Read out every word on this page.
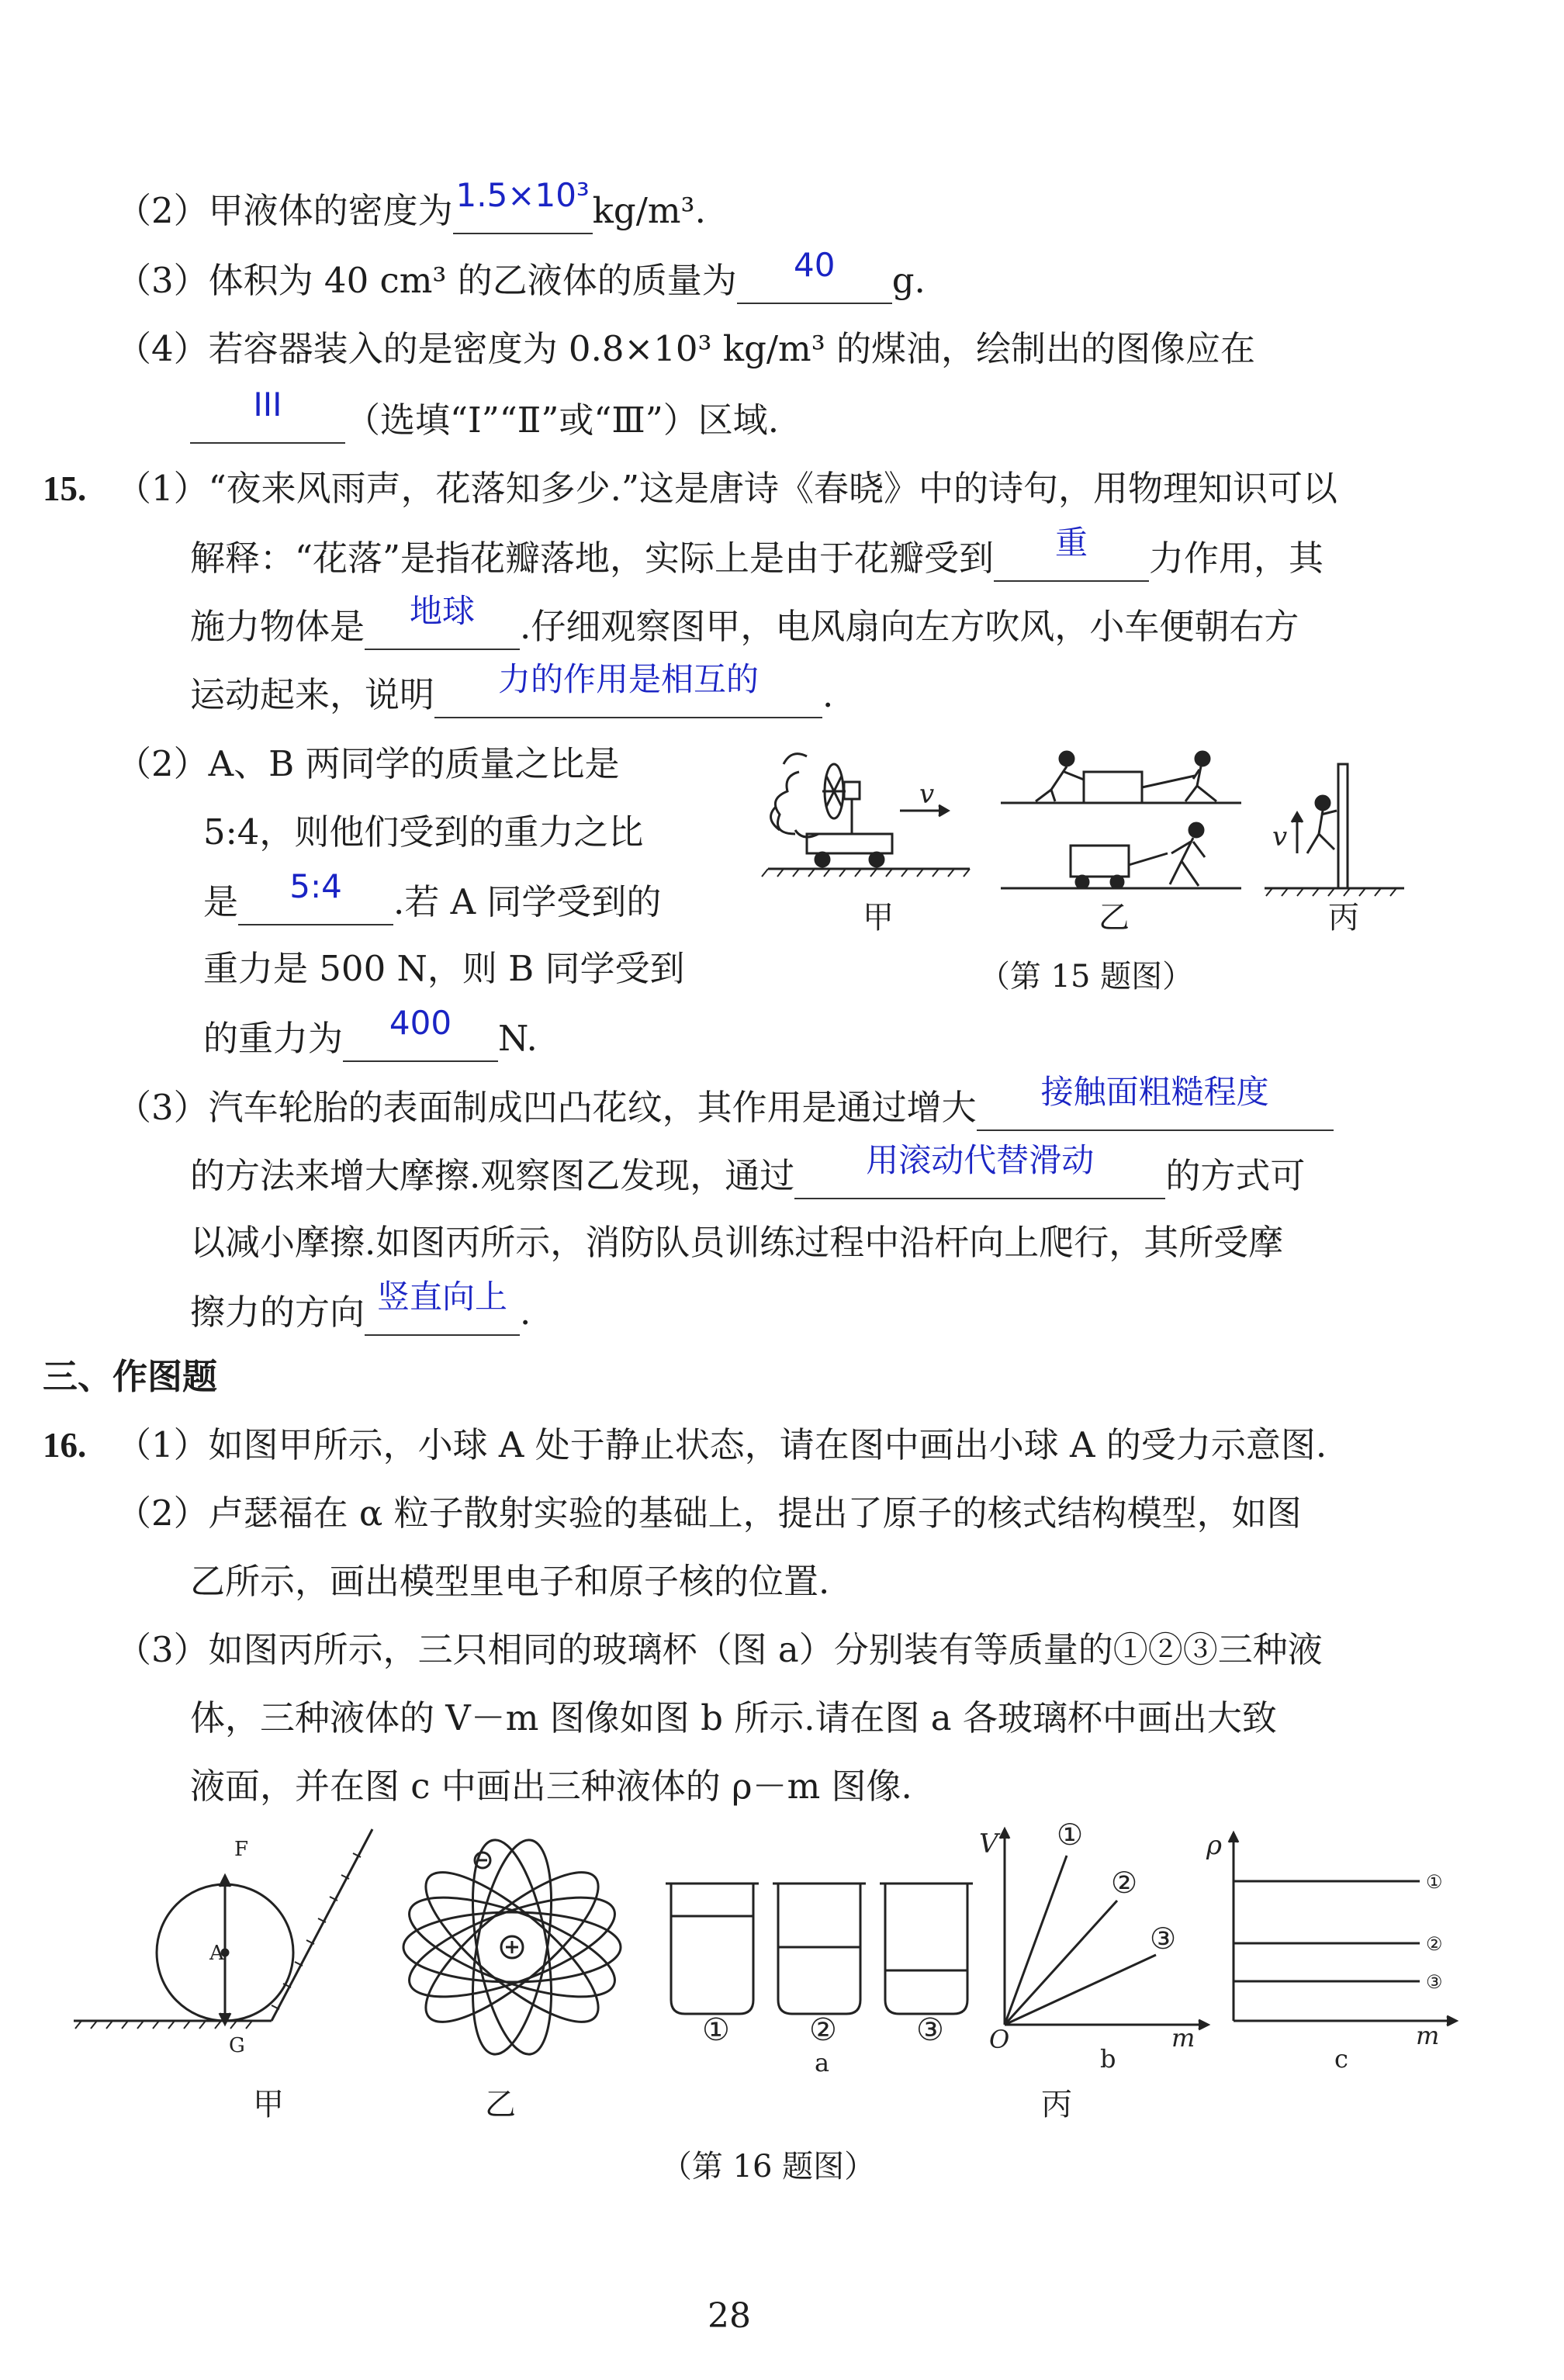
（2）甲液体的密度为 1.5×10³ kg/m³.
（3）体积为 40 cm³ 的乙液体的质量为	40	g.
（4）若容器装入的是密度为 0.8×10³ kg/m³ 的煤油，绘制出的图像应在
III	（选填“Ⅰ”“Ⅱ”或“Ⅲ”）区域.
15. （1）“夜来风雨声，花落知多少.”这是唐诗《春晓》中的诗句，用物理知识可以
解释：“花落”是指花瓣落地，实际上是由于花瓣受到	重	力作用，其
施力物体是	地球	.仔细观察图甲，电风扇向左方吹风，小车便朝右方
运动起来，说明	力的作用是相互的	.
（2）A、B 两同学的质量之比是
5:4，则他们受到的重力之比
是	5:4	.若 A 同学受到的
重力是 500 N，则 B 同学受到
的重力为	400	N.
v
v
甲	乙	丙
（第 15 题图）
（3）汽车轮胎的表面制成凹凸花纹，其作用是通过增大	接触面粗糙程度
的方法来增大摩擦.观察图乙发现，通过	用滚动代替滑动	的方式可
以减小摩擦.如图丙所示，消防队员训练过程中沿杆向上爬行，其所受摩
擦力的方向 竖直向上 .
三、作图题
16. （1）如图甲所示，小球 A 处于静止状态，请在图中画出小球 A 的受力示意图.
（2）卢瑟福在 α 粒子散射实验的基础上，提出了原子的核式结构模型，如图
乙所示，画出模型里电子和原子核的位置.
（3）如图丙所示，三只相同的玻璃杯（图 a）分别装有等质量的①②③三种液
体，三种液体的 V－m 图像如图 b 所示.请在图 a 各玻璃杯中画出大致
液面，并在图 c 中画出三种液体的 ρ－m 图像.
F
A
G	①	②	③
a
V
O	m
①
②
③
b
ρ
m
①
②
③
c
甲	乙	丙
（第 16 题图）
28
